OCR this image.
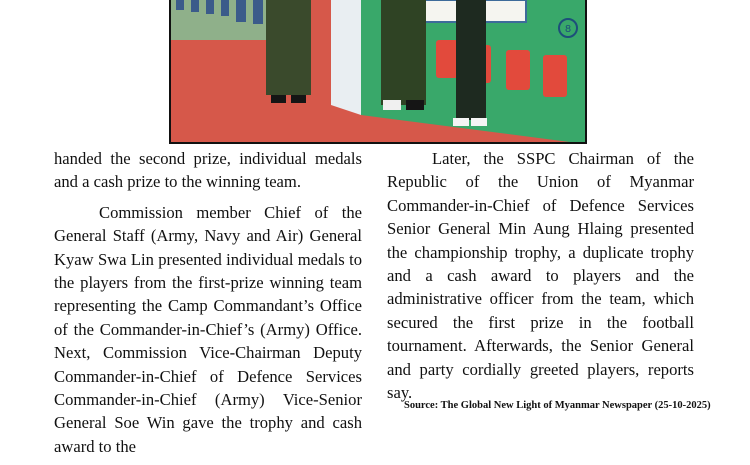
8

handed the second prize, individual medals and a cash prize to the winning team.

Commission member Chief of the General Staff (Army, Navy and Air) General Kyaw Swa Lin presented individual medals to the players from the first-prize winning team representing the Camp Commandant’s Office of the Commander-in-Chief’s (Army) Office. Next, Commission Vice-Chairman Deputy Commander-in-Chief of Defence Services Commander-in-Chief (Army) Vice-Senior General Soe Win gave the trophy and cash award to the

Later, the SSPC Chairman of the Republic of the Union of Myanmar Commander-in-Chief of Defence Services Senior General Min Aung Hlaing presented the championship trophy, a duplicate trophy and a cash award to players and the administrative officer from the team, which secured the first prize in the football tournament. Afterwards, the Senior General and party cordially greeted players, reports say.

Source: The Global New Light of Myanmar Newspaper (25-10-2025)
